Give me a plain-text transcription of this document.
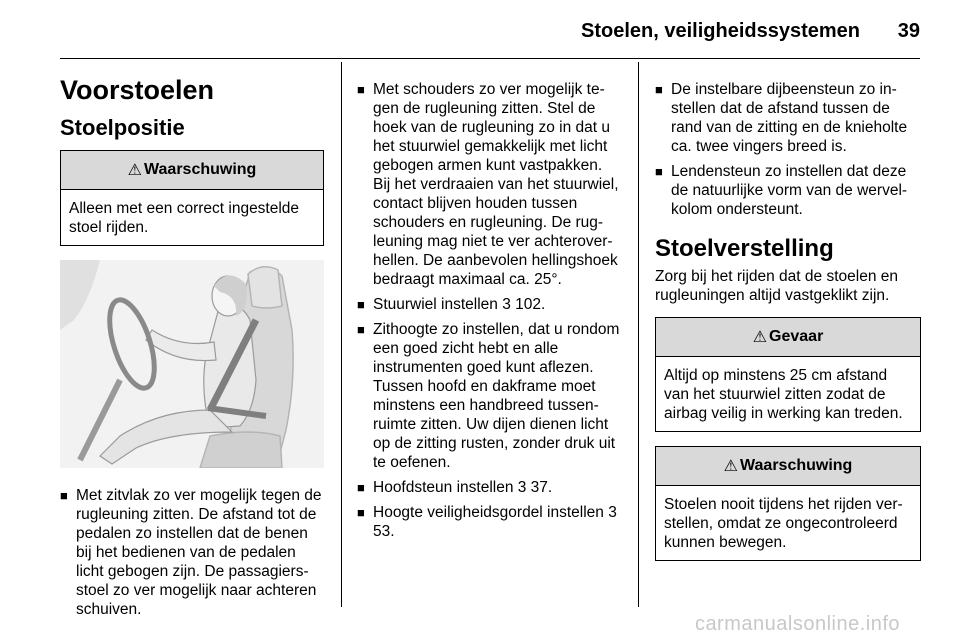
Stoelen, veiligheidssystemen 39
Voorstoelen
Stoelpositie
⚠ Waarschuwing
Alleen met een correct ingestelde stoel rijden.
■ Met zitvlak zo ver mogelijk tegen de rugleuning zitten. De afstand tot de pedalen zo instellen dat de benen bij het bedienen van de pedalen licht gebogen zijn. De passagiersstoel zo ver mogelijk naar achteren schuiven.
■ Met schouders zo ver mogelijk tegen de rugleuning zitten. Stel de hoek van de rugleuning zo in dat u het stuurwiel gemakkelijk met licht gebogen armen kunt vastpakken. Bij het verdraaien van het stuurwiel, contact blijven houden tussen schouders en rugleuning. De rugleuning mag niet te ver achteroverhellen. De aanbevolen hellingshoek bedraagt maximaal ca. 25°.
■ Stuurwiel instellen 3 102.
■ Zithoogte zo instellen, dat u rondom een goed zicht hebt en alle instrumenten goed kunt aflezen. Tussen hoofd en dakframe moet minstens een handbreed tussenruimte zitten. Uw dijen dienen licht op de zitting rusten, zonder druk uit te oefenen.
■ Hoofdsteun instellen 3 37.
■ Hoogte veiligheidsgordel instellen 3 53.
■ De instelbare dijbeensteun zo instellen dat de afstand tussen de rand van de zitting en de knieholte ca. twee vingers breed is.
■ Lendensteun zo instellen dat deze de natuurlijke vorm van de wervelkolom ondersteunt.
Stoelverstelling

Zorg bij het rijden dat de stoelen en rugleuningen altijd vastgeklikt zijn.

⚠ Gevaar
Altijd op minstens 25 cm afstand van het stuurwiel zitten zodat de airbag veilig in werking kan treden.
⚠ Waarschuwing
Stoelen nooit tijdens het rijden verstellen, omdat ze ongecontroleerd kunnen bewegen.
carmanualsonline.info
